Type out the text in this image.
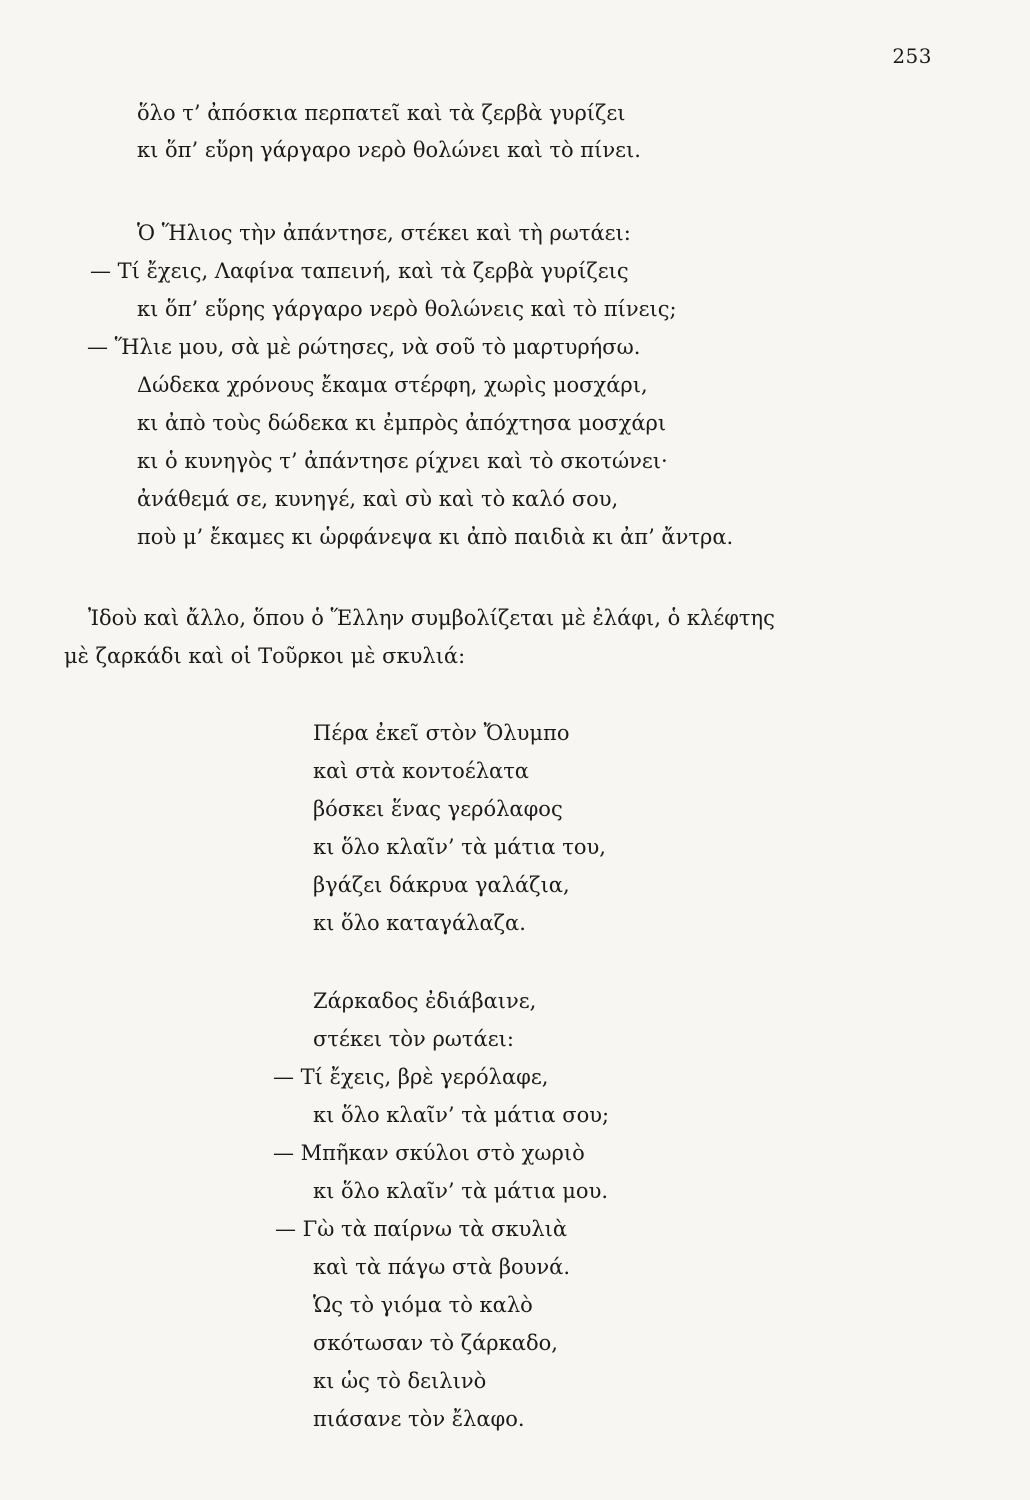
253
ὅλο τ’ ἀπόσκια περπατεῖ καὶ τὰ ζερβὰ γυρίζει
κι ὅπ’ εὕρη γάργαρο νερὸ θολώνει καὶ τὸ πίνει.
Ὁ Ἥλιος τὴν ἀπάντησε, στέκει καὶ τὴ ρωτάει:
— Τί ἔχεις, Λαφίνα ταπεινή, καὶ τὰ ζερβὰ γυρίζεις
κι ὅπ’ εὕρης γάργαρο νερὸ θολώνεις καὶ τὸ πίνεις;
— Ἥλιε μου, σὰ μὲ ρώτησες, νὰ σοῦ τὸ μαρτυρήσω.
Δώδεκα χρόνους ἔκαμα στέρφη, χωρὶς μοσχάρι,
κι ἀπὸ τοὺς δώδεκα κι ἐμπρὸς ἀπόχτησα μοσχάρι
κι ὁ κυνηγὸς τ’ ἀπάντησε ρίχνει καὶ τὸ σκοτώνει·
ἀνάθεμά σε, κυνηγέ, καὶ σὺ καὶ τὸ καλό σου,
ποὺ μ’ ἔκαμες κι ὡρφάνεψα κι ἀπὸ παιδιὰ κι ἀπ’ ἄντρα.
Ἰδοὺ καὶ ἄλλο, ὅπου ὁ Ἕλλην συμβολίζεται μὲ ἐλάφι, ὁ κλέφτης
μὲ ζαρκάδι καὶ οἱ Τοῦρκοι μὲ σκυλιά:
Πέρα ἐκεῖ στὸν Ὄλυμπο
καὶ στὰ κοντοέλατα
βόσκει ἕνας γερόλαφος
κι ὅλο κλαῖν’ τὰ μάτια του,
βγάζει δάκρυα γαλάζια,
κι ὅλο καταγάλαζα.
Ζάρκαδος ἐδιάβαινε,
στέκει τὸν ρωτάει:
— Τί ἔχεις, βρὲ γερόλαφε,
κι ὅλο κλαῖν’ τὰ μάτια σου;
— Μπῆκαν σκύλοι στὸ χωριὸ
κι ὅλο κλαῖν’ τὰ μάτια μου.
— Γὼ τὰ παίρνω τὰ σκυλιὰ
καὶ τὰ πάγω στὰ βουνά.
Ὡς τὸ γιόμα τὸ καλὸ
σκότωσαν τὸ ζάρκαδο,
κι ὡς τὸ δειλινὸ
πιάσανε τὸν ἔλαφο.
